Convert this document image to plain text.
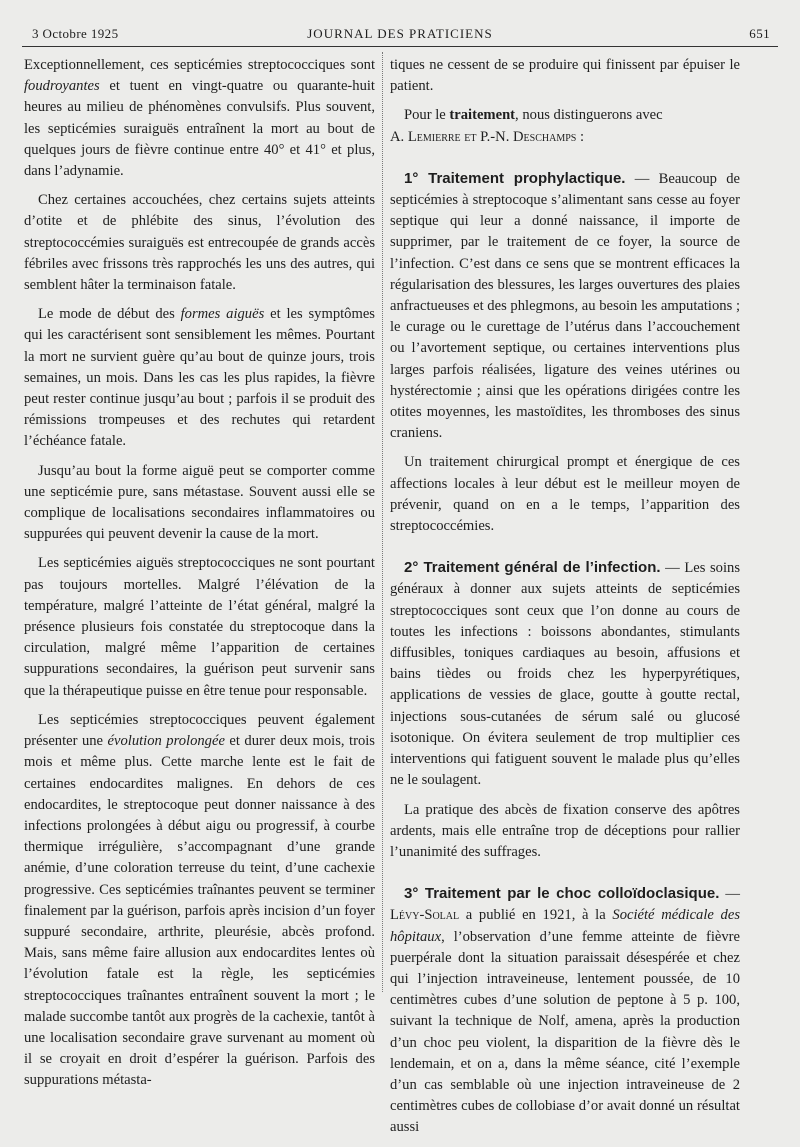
3 Octobre 1925	JOURNAL DES PRATICIENS	651

Exceptionnellement, ces septicémies streptococciques sont foudroyantes et tuent en vingt-quatre ou quarante-huit heures au milieu de phénomènes convulsifs. Plus souvent, les septicémies suraiguës entraînent la mort au bout de quelques jours de fièvre continue entre 40° et 41° et plus, dans l’adynamie.

Chez certaines accouchées, chez certains sujets atteints d’otite et de phlébite des sinus, l’évolution des streptococcémies suraiguës est entrecoupée de grands accès fébriles avec frissons très rapprochés les uns des autres, qui semblent hâter la terminaison fatale.

Le mode de début des formes aiguës et les symptômes qui les caractérisent sont sensiblement les mêmes. Pourtant la mort ne survient guère qu’au bout de quinze jours, trois semaines, un mois. Dans les cas les plus rapides, la fièvre peut rester continue jusqu’au bout ; parfois il se produit des rémissions trompeuses et des rechutes qui retardent l’échéance fatale.

Jusqu’au bout la forme aiguë peut se comporter comme une septicémie pure, sans métastase. Souvent aussi elle se complique de localisations secondaires inflammatoires ou suppurées qui peuvent devenir la cause de la mort.

Les septicémies aiguës streptococciques ne sont pourtant pas toujours mortelles. Malgré l’élévation de la température, malgré l’atteinte de l’état général, malgré la présence plusieurs fois constatée du streptocoque dans la circulation, malgré même l’apparition de certaines suppurations secondaires, la guérison peut survenir sans que la thérapeutique puisse en être tenue pour responsable.

Les septicémies streptococciques peuvent également présenter une évolution prolongée et durer deux mois, trois mois et même plus. Cette marche lente est le fait de certaines endocardites malignes. En dehors de ces endocardites, le streptocoque peut donner naissance à des infections prolongées à début aigu ou progressif, à courbe thermique irrégulière, s’accompagnant d’une grande anémie, d’une coloration terreuse du teint, d’une cachexie progressive. Ces septicémies traînantes peuvent se terminer finalement par la guérison, parfois après incision d’un foyer suppuré secondaire, arthrite, pleurésie, abcès profond. Mais, sans même faire allusion aux endocardites lentes où l’évolution fatale est la règle, les septicémies streptococciques traînantes entraînent souvent la mort ; le malade succombe tantôt aux progrès de la cachexie, tantôt à une localisation secondaire grave survenant au moment où il se croyait en droit d’espérer la guérison. Parfois des suppurations métasta-

tiques ne cessent de se produire qui finissent par épuiser le patient.

Pour le traitement, nous distinguerons avec
A. Lemierre et P.-N. Deschamps :

1° Traitement prophylactique. — Beaucoup de septicémies à streptocoque s’alimentant sans cesse au foyer septique qui leur a donné naissance, il importe de supprimer, par le traitement de ce foyer, la source de l’infection. C’est dans ce sens que se montrent efficaces la régularisation des blessures, les larges ouvertures des plaies anfractueuses et des phlegmons, au besoin les amputations ; le curage ou le curettage de l’utérus dans l’accouchement ou l’avortement septique, ou certaines interventions plus larges parfois réalisées, ligature des veines utérines ou hystérectomie ; ainsi que les opérations dirigées contre les otites moyennes, les mastoïdites, les thromboses des sinus craniens.

Un traitement chirurgical prompt et énergique de ces affections locales à leur début est le meilleur moyen de prévenir, quand on en a le temps, l’apparition des streptococcémies.

2° Traitement général de l’infection. — Les soins généraux à donner aux sujets atteints de septicémies streptococciques sont ceux que l’on donne au cours de toutes les infections : boissons abondantes, stimulants diffusibles, toniques cardiaques au besoin, affusions et bains tièdes ou froids chez les hyperpyrétiques, applications de vessies de glace, goutte à goutte rectal, injections sous-cutanées de sérum salé ou glucosé isotonique. On évitera seulement de trop multiplier ces interventions qui fatiguent souvent le malade plus qu’elles ne le soulagent.

La pratique des abcès de fixation conserve des apôtres ardents, mais elle entraîne trop de déceptions pour rallier l’unanimité des suffrages.

3° Traitement par le choc colloïdoclasique. — Lévy-Solal a publié en 1921, à la Société médicale des hôpitaux, l’observation d’une femme atteinte de fièvre puerpérale dont la situation paraissait désespérée et chez qui l’injection intraveineuse, lentement poussée, de 10 centimètres cubes d’une solution de peptone à 5 p. 100, suivant la technique de Nolf, amena, après la production d’un choc peu violent, la disparition de la fièvre dès le lendemain, et on a, dans la même séance, cité l’exemple d’un cas semblable où une injection intraveineuse de 2 centimètres cubes de collobiase d’or avait donné un résultat aussi
